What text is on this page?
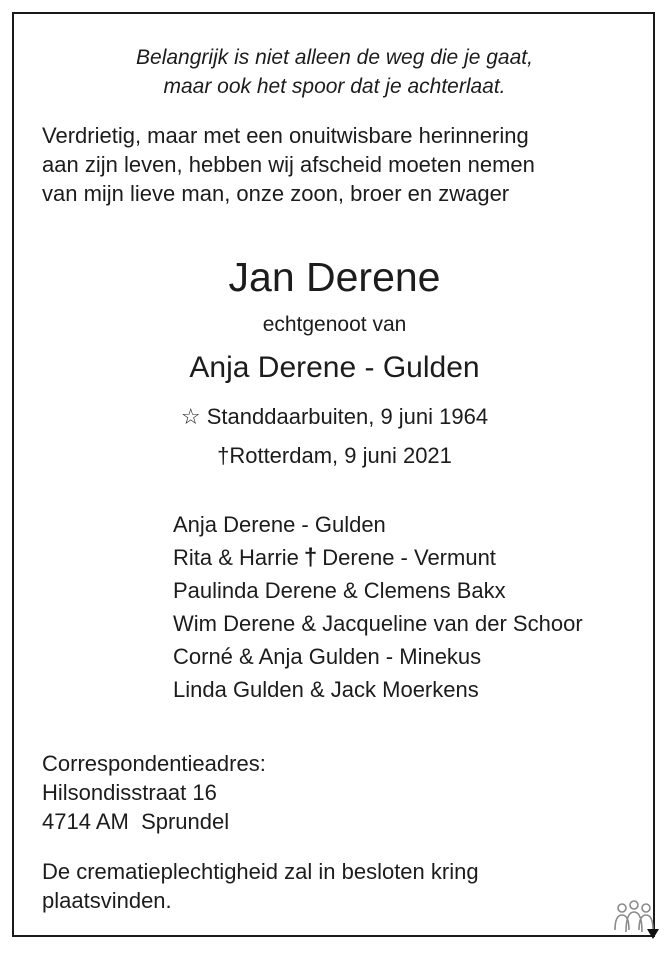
Belangrijk is niet alleen de weg die je gaat,
maar ook het spoor dat je achterlaat.

Verdrietig, maar met een onuitwisbare herinnering
aan zijn leven, hebben wij afscheid moeten nemen
van mijn lieve man, onze zoon, broer en zwager

Jan Derene

echtgenoot van

Anja Derene - Gulden

☆ Standdaarbuiten, 9 juni 1964

†Rotterdam, 9 juni 2021

Anja Derene - Gulden
Rita & Harrie † Derene - Vermunt
Paulinda Derene & Clemens Bakx
Wim Derene & Jacqueline van der Schoor
Corné & Anja Gulden - Minekus
Linda Gulden & Jack Moerkens
Correspondentieadres:
Hilsondisstraat 16
4714 AM  Sprundel
De crematieplechtigheid zal in besloten kring
plaatsvinden.
